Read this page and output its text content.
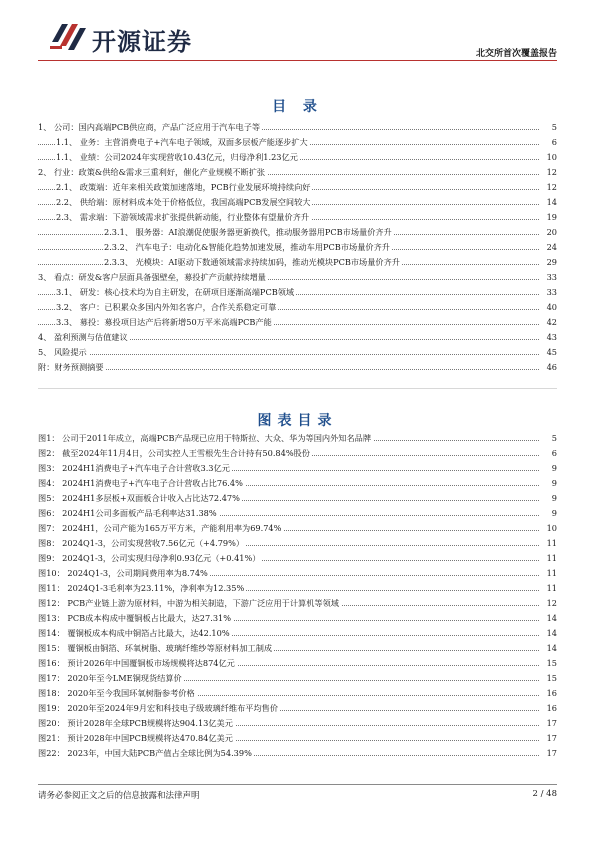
开源证券	北交所首次覆盖报告
目 录
1、 公司：国内高端PCB供应商，产品广泛应用于汽车电子等	5
1.1、 业务：主营消费电子+汽车电子领域，双面多层板产能逐步扩大	6
1.1、 业绩：公司2024年实现营收10.43亿元，归母净利1.23亿元	10
2、 行业：政策&供给&需求三重利好，催化产业规模不断扩张	12
2.1、 政策端：近年来相关政策加速落地，PCB行业发展环境持续向好	12
2.2、 供给端：原材料成本处于价格低位，我国高端PCB发展空间较大	14
2.3、 需求端：下游领域需求扩张提供新动能，行业整体有望量价齐升	19
2.3.1、 服务器：AI浪潮促使服务器更新换代，推动服务器用PCB市场量价齐升	20
2.3.2、 汽车电子：电动化&智能化趋势加速发展，推动车用PCB市场量价齐升	24
2.3.3、 光模块：AI驱动下数通领域需求持续加码，推动光模块PCB市场量价齐升	29
3、 看点：研发&客户层面具备强壁垒，募投扩产贡献持续增量	33
3.1、 研发：核心技术均为自主研发，在研项目逐渐高端PCB领域	33
3.2、 客户：已积累众多国内外知名客户，合作关系稳定可靠	40
3.3、 募投：募投项目达产后将新增50万平米高端PCB产能	42
4、 盈利预测与估值建议	43
5、 风险提示	45
附：财务预测摘要	46
图表目录
图1： 公司于2011年成立，高端PCB产品现已应用于特斯拉、大众、华为等国内外知名品牌	5
图2： 截至2024年11月4日，公司实控人王雪根先生合计持有50.84%股份	6
图3： 2024H1消费电子+汽车电子合计营收3.3亿元	9
图4： 2024H1消费电子+汽车电子合计营收占比76.4%	9
图5： 2024H1多层板+双面板合计收入占比达72.47%	9
图6： 2024H1公司多面板产品毛利率达31.38%	9
图7： 2024H1，公司产能为165万平方米，产能利用率为69.74%	10
图8： 2024Q1-3，公司实现营收7.56亿元（+4.79%）	11
图9： 2024Q1-3，公司实现归母净利0.93亿元（+0.41%）	11
图10： 2024Q1-3，公司期间费用率为8.74%	11
图11： 2024Q1-3毛利率为23.11%，净利率为12.35%	11
图12： PCB产业链上游为原材料，中游为相关制造，下游广泛应用于计算机等领域	12
图13： PCB成本构成中覆铜板占比最大，达27.31%	14
图14： 覆铜板成本构成中铜箔占比最大，达42.10%	14
图15： 覆铜板由铜箔、环氧树脂、玻璃纤维纱等原材料加工制成	14
图16： 预计2026年中国覆铜板市场规模将达874亿元	15
图17： 2020年至今LME铜现货结算价	15
图18： 2020年至今我国环氧树脂参考价格	16
图19： 2020年至2024年9月宏和科技电子级玻璃纤维布平均售价	16
图20： 预计2028年全球PCB规模将达904.13亿美元	17
图21： 预计2028年中国PCB规模将达470.84亿美元	17
图22： 2023年，中国大陆PCB产值占全球比例为54.39%	17
请务必参阅正文之后的信息披露和法律声明	2 / 48
